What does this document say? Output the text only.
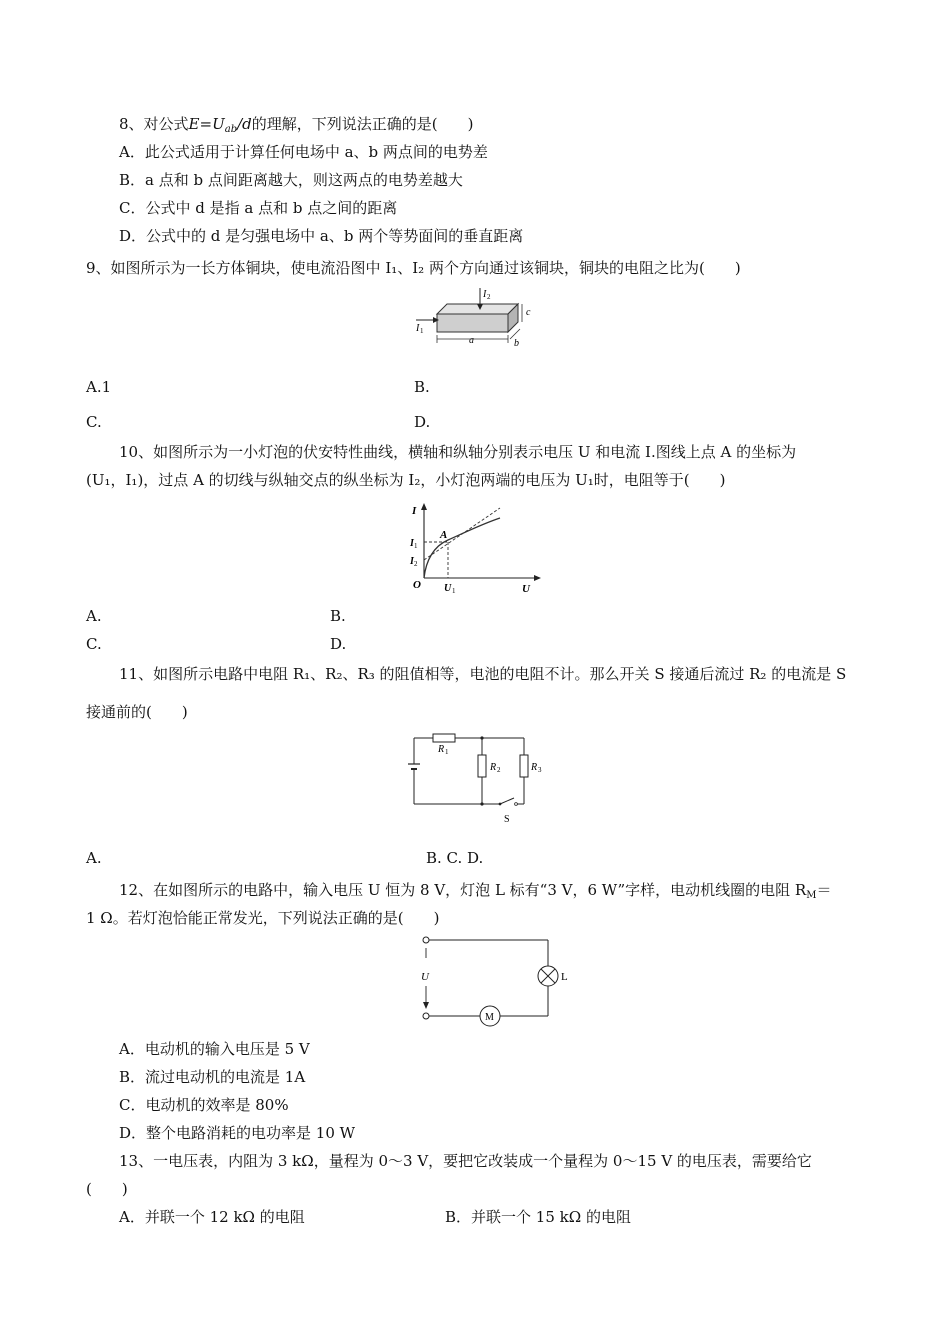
8、对公式$E=U_{ab}/d$的理解，下列说法正确的是(　　)
A．此公式适用于计算任何电场中 a、b 两点间的电势差
B．a 点和 b 点间距离越大，则这两点的电势差越大
C．公式中 d 是指 a 点和 b 点之间的距离
D．公式中的 d 是匀强电场中 a、b 两个等势面间的垂直距离
9、如图所示为一长方体铜块，使电流沿图中 I₁、I₂ 两个方向通过该铜块，铜块的电阻之比为(　　)
I 2
I 1
a	b
c
A.1	B.
C.	D.
10、如图所示为一小灯泡的伏安特性曲线，横轴和纵轴分别表示电压 U 和电流 I.图线上点 A 的坐标为
(U₁，I₁)，过点 A 的切线与纵轴交点的纵坐标为 I₂，小灯泡两端的电压为 U₁时，电阻等于(　　)
I
A
I 1
I 2
O U 1	U
A.	B.
C.	D.
11、如图所示电路中电阻 R₁、R₂、R₃ 的阻值相等，电池的电阻不计。那么开关 S 接通后流过 R₂ 的电流是 S
接通前的(　　)
R 1
R 2	R 3
S
A.	B. C. D.
12、在如图所示的电路中，输入电压 U 恒为 8 V，灯泡 L 标有“3 V，6 W”字样，电动机线圈的电阻 $R_M=$
1 Ω。若灯泡恰能正常发光，下列说法正确的是(　　)
U	L
M
A．电动机的输入电压是 5 V
B．流过电动机的电流是 1A
C．电动机的效率是 80%
D．整个电路消耗的电功率是 10 W
13、一电压表，内阻为 3 kΩ，量程为 0～3 V，要把它改装成一个量程为 0～15 V 的电压表，需要给它
(　　)
A．并联一个 12 kΩ 的电阻	B．并联一个 15 kΩ 的电阻
